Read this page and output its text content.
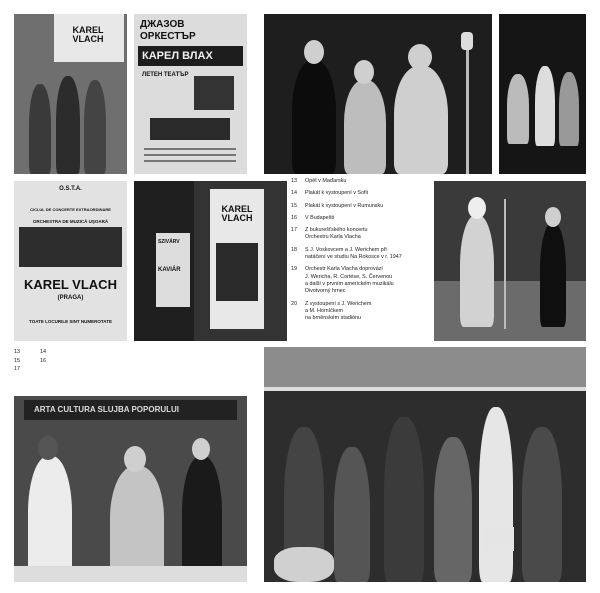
KAREL VLACH
ДЖАЗОВ
ОРКЕСТЪР
КАРЕЛ ВЛАХ
ЛЕТЕН ТЕАТЪР
O.S.T.A.
CICLUL DE CONCERTE EXTRAORDINARE
ORCHESTRA DE MUZICĂ UŞOARĂ
KAREL VLACH
(PRAGA)
TOATE LOCURILE SINT NUMEROTATE
SZIVÁRV
KAVIÁR
KAREL VLACH
13	Opět v Maďarsku
14	Plakát k vystoupení v Sofii
15	Plakát k vystoupení v Rumunsku
16	V Budapešti
17	Z bukurešťského koncertu
Orchestru Karla Vlacha
18	S J. Voskovcem a J. Werichem při
natáčení ve studiu Na Rokosce v r. 1947
19	Orchestr Karla Vlacha doprovází
J. Wericha, R. Cortése, S. Červenou
a další v prvním americkém muzikálu
Divotvorný hrnec
20	Z vystoupení s J. Werichem
a M. Horníčkem
na brněnském stadiónu
13	14
15	16
17
ARTA CULTURA SLUJBA POPORULUI
